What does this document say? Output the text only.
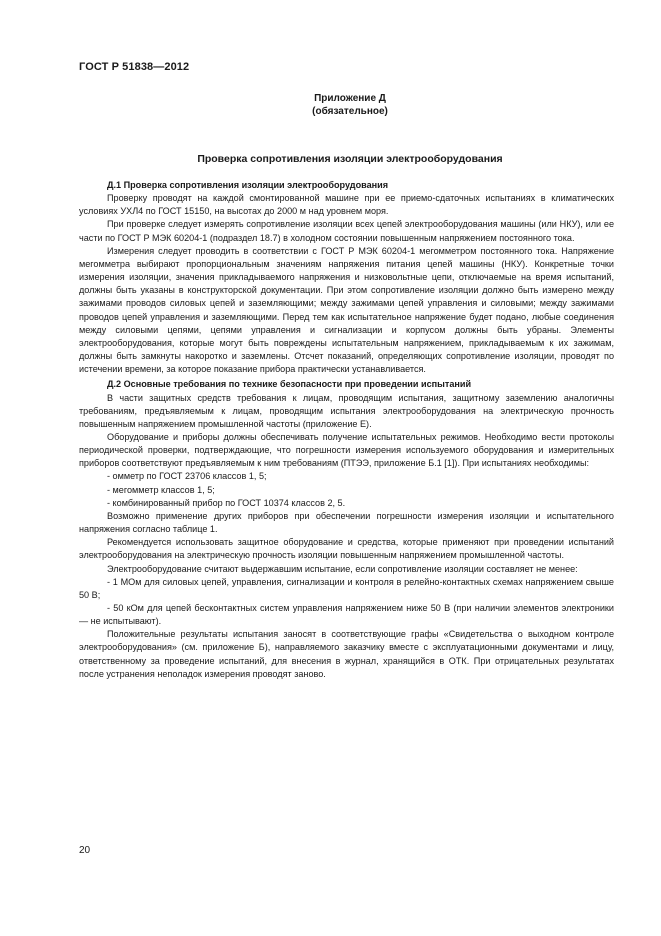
ГОСТ Р 51838—2012
Приложение Д
(обязательное)
Проверка сопротивления изоляции электрооборудования

Д.1 Проверка сопротивления изоляции электрооборудования

Проверку проводят на каждой смонтированной машине при ее приемо-сдаточных испытаниях в климатических условиях УХЛ4 по ГОСТ 15150, на высотах до 2000 м над уровнем моря.

При проверке следует измерять сопротивление изоляции всех цепей электрооборудования машины (или НКУ), или ее части по ГОСТ Р МЭК 60204-1 (подраздел 18.7) в холодном состоянии повышенным напряжением постоянного тока.

Измерения следует проводить в соответствии с ГОСТ Р МЭК 60204-1 мегомметром постоянного тока. Напряжение мегомметра выбирают пропорциональным значениям напряжения питания цепей машины (НКУ). Конкретные точки измерения изоляции, значения прикладываемого напряжения и низковольтные цепи, отключаемые на время испытаний, должны быть указаны в конструкторской документации. При этом сопротивление изоляции должно быть измерено между зажимами проводов силовых цепей и заземляющими; между зажимами цепей управления и силовыми; между зажимами проводов цепей управления и заземляющими. Перед тем как испытательное напряжение будет подано, любые соединения между силовыми цепями, цепями управления и сигнализации и корпусом должны быть убраны. Элементы электрооборудования, которые могут быть повреждены испытательным напряжением, прикладываемым к их зажимам, должны быть замкнуты накоротко и заземлены. Отсчет показаний, определяющих сопротивление изоляции, проводят по истечении времени, за которое показание прибора практически устанавливается.

Д.2 Основные требования по технике безопасности при проведении испытаний

В части защитных средств требования к лицам, проводящим испытания, защитному заземлению аналогичны требованиям, предъявляемым к лицам, проводящим испытания электрооборудования на электрическую прочность повышенным напряжением промышленной частоты (приложение Е).

Оборудование и приборы должны обеспечивать получение испытательных режимов. Необходимо вести протоколы периодической проверки, подтверждающие, что погрешности измерения используемого оборудования и измерительных приборов соответствуют предъявляемым к ним требованиям (ПТЭЭ, приложение Б.1 [1]). При испытаниях необходимы:

- омметр по ГОСТ 23706 классов 1, 5;

- мегомметр классов 1, 5;

- комбинированный прибор по ГОСТ 10374 классов 2, 5.

Возможно применение других приборов при обеспечении погрешности измерения изоляции и испытательного напряжения согласно таблице 1.

Рекомендуется использовать защитное оборудование и средства, которые применяют при проведении испытаний электрооборудования на электрическую прочность изоляции повышенным напряжением промышленной частоты.

Электрооборудование считают выдержавшим испытание, если сопротивление изоляции составляет не менее:

- 1 МОм для силовых цепей, управления, сигнализации и контроля в релейно-контактных схемах напряжением свыше 50 В;

- 50 кОм для цепей бесконтактных систем управления напряжением ниже 50 В (при наличии элементов электроники — не испытывают).

Положительные результаты испытания заносят в соответствующие графы «Свидетельства о выходном контроле электрооборудования» (см. приложение Б), направляемого заказчику вместе с эксплуатационными документами и лицу, ответственному за проведение испытаний, для внесения в журнал, хранящийся в ОТК. При отрицательных результатах после устранения неполадок измерения проводят заново.

20
